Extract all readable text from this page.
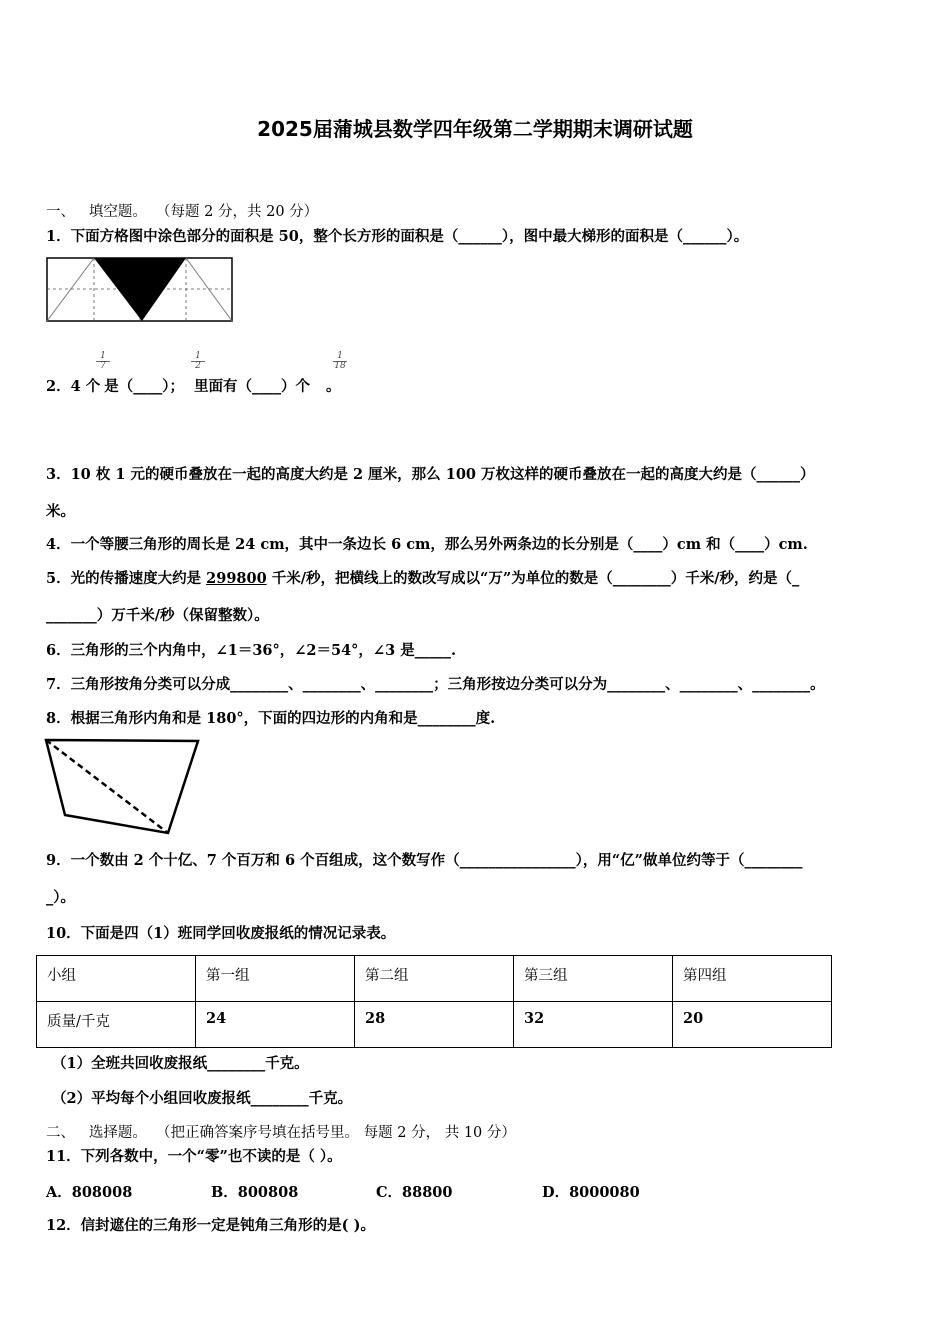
2025届蒲城县数学四年级第二学期期末调研试题
一、 填空题。 （每题 2 分，共 20 分）
1．下面方格图中涂色部分的面积是 50，整个长方形的面积是（______），图中最大梯形的面积是（______）。
$\frac{1}{7}$	$\frac{1}{2}$	$\frac{1}{18}$
2．4 个 是（____）； 里面有（____）个 。
3．10 枚 1 元的硬币叠放在一起的高度大约是 2 厘米，那么 100 万枚这样的硬币叠放在一起的高度大约是（______）
米。
4．一个等腰三角形的周长是 24 cm，其中一条边长 6 cm，那么另外两条边的长分别是（____）cm 和（____）cm.
5．光的传播速度大约是 299800 千米/秒，把横线上的数改写成以“万”为单位的数是（________）千米/秒，约是（_
_______）万千米/秒（保留整数）。
6．三角形的三个内角中，∠1＝36°，∠2＝54°，∠3 是_____.
7．三角形按角分类可以分成________、________、________；三角形按边分类可以分为________、________、________。
8．根据三角形内角和是 180°，下面的四边形的内角和是________度.
9．一个数由 2 个十亿、7 个百万和 6 个百组成，这个数写作（________________），用“亿”做单位约等于（________
_）。
10．下面是四（1）班同学回收废报纸的情况记录表。
小组	第一组	第二组	第三组	第四组
质量/千克	24	28	32	20
（1）全班共回收废报纸________千克。
（2）平均每个小组回收废报纸________千克。
二、 选择题。 （把正确答案序号填在括号里。 每题 2 分， 共 10 分）
11．下列各数中，一个“零”也不读的是（ ）。
A．808008	B．800808	C．88800	D．8000080
12．信封遮住的三角形一定是钝角三角形的是( )。
